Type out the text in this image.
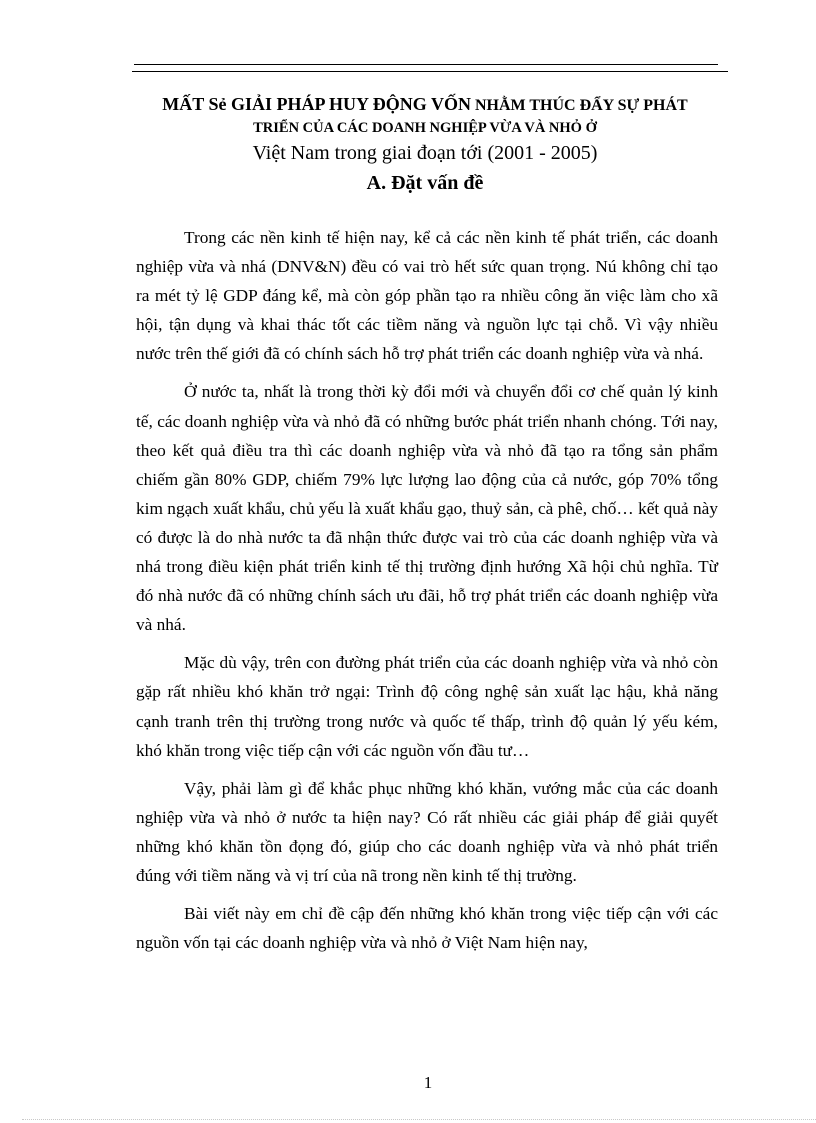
MẤT Sẻ GIẢI PHÁP HUY ĐỘNG VỐN NHẰM THÚC ĐẨY SỰ PHÁT
TRIỂN CỦA CÁC DOANH NGHIỆP VỪA VÀ NHỎ Ở
Việt Nam trong giai đoạn tới (2001 - 2005)
A. Đặt vấn đề

Trong các nền kinh tế hiện nay, kể cả các nền kinh tế phát triển, các doanh nghiệp vừa và nhá (DNV&N) đều có vai trò hết sức quan trọng. Nú không chỉ tạo ra mét tỷ lệ GDP đáng kể, mà còn góp phần tạo ra nhiều công ăn việc làm cho xã hội, tận dụng và khai thác tốt các tiềm năng và nguồn lực tại chỗ. Vì vậy nhiều nước trên thế giới đã có chính sách hỗ trợ phát triển các doanh nghiệp vừa và nhá.

Ở nước ta, nhất là trong thời kỳ đổi mới và chuyển đổi cơ chế quản lý kinh tế, các doanh nghiệp vừa và nhỏ đã có những bước phát triển nhanh chóng. Tới nay, theo kết quả điều tra thì các doanh nghiệp vừa và nhỏ đã tạo ra tổng sản phẩm chiếm gần 80% GDP, chiếm 79% lực lượng lao động của cả nước, góp 70% tổng kim ngạch xuất khẩu, chủ yếu là xuất khẩu gạo, thuỷ sản, cà phê, chố… kết quả này có được là do nhà nước ta đã nhận thức được vai trò của các doanh nghiệp vừa và nhá trong điều kiện phát triển kinh tế thị trường định hướng Xã hội chủ nghĩa. Từ đó nhà nước đã có những chính sách ưu đãi, hỗ trợ phát triển các doanh nghiệp vừa và nhá.

Mặc dù vậy, trên con đường phát triển của các doanh nghiệp vừa và nhỏ còn gặp rất nhiều khó khăn trở ngại: Trình độ công nghệ sản xuất lạc hậu, khả năng cạnh tranh trên thị trường trong nước và quốc tế thấp, trình độ quản lý yếu kém, khó khăn trong việc tiếp cận với các nguồn vốn đầu tư…

Vậy, phải làm gì để khắc phục những khó khăn, vướng mắc của các doanh nghiệp vừa và nhỏ ở nước ta hiện nay? Có rất nhiều các giải pháp để giải quyết những khó khăn tồn đọng đó, giúp cho các doanh nghiệp vừa và nhỏ phát triển đúng với tiềm năng và vị trí của nã trong nền kinh tế thị trường.

Bài viết này em chỉ đề cập đến những khó khăn trong việc tiếp cận với các nguồn vốn tại các doanh nghiệp vừa và nhỏ ở Việt Nam hiện nay,

1
